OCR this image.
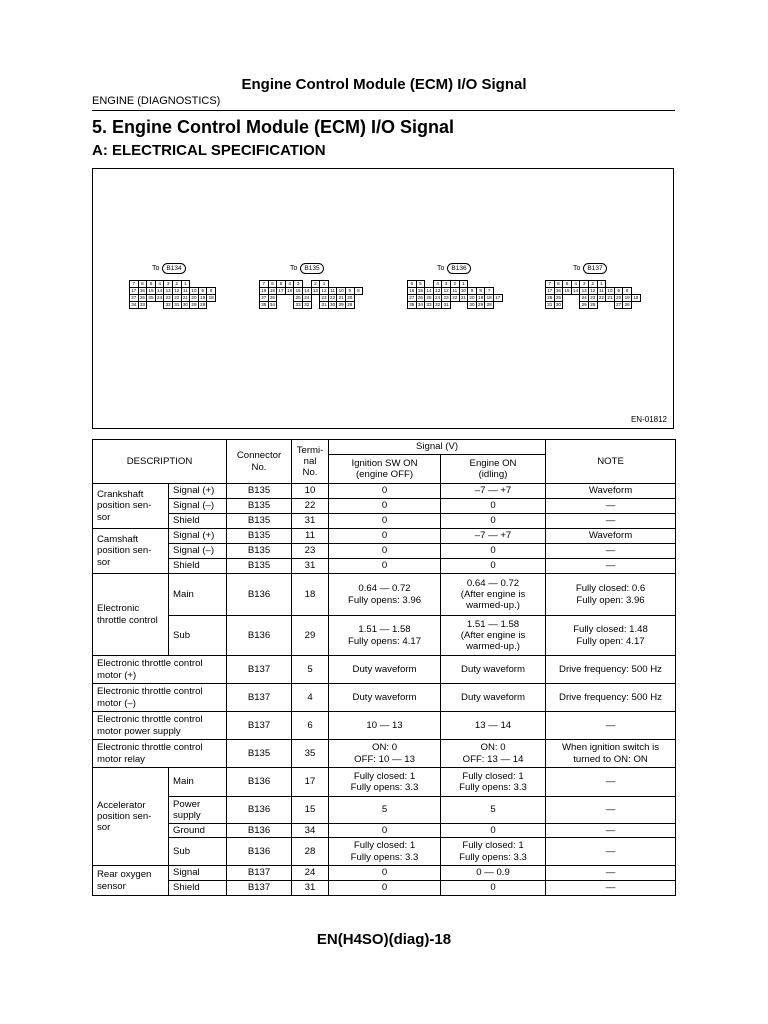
Engine Control Module (ECM) I/O Signal
ENGINE (DIAGNOSTICS)
5. Engine Control Module (ECM) I/O Signal
A: ELECTRICAL SPECIFICATION
To	B134
7	6	5	4	3	2	1
17 16 15 14 13 12 11 10	9	8
27 26 25 24 23 22 21 20 19 18
34 33	32 31 30 29 28
To	B135
7	6	5	4	3	2	1
19 18 17 16 15 14 13 12 11 10	9	8
27 26	25 24	23 22 21 20
35 34	33 32	31 30 29 28
To	B136
6	5	4	3	2	1
16 15 14 13 12 11 10	9	8	7
27 26 25 24 23 22 21 20 19 18 17
35 34 33 32 31	30 29 28
To	B137
7	6	5	4	3	2	1
17 16 15 14 13 12 11 10	9	8
26 25	24 23 22 21 20 19 18
31 30	29 28	27 26
EN-01812
DESCRIPTION		Connector
No.	Termi-
nal
No.	Signal (V)		NOTE
				Ignition SW ON
(engine OFF)	Engine ON
(idling)	
Crankshaft
position sen-
sor	Signal (+)	B135	10	0	–7 — +7	Waveform
	Signal (–)	B135	22	0	0	—
	Shield	B135	31	0	0	—
Camshaft
position sen-
sor	Signal (+)	B135	11	0	–7 — +7	Waveform
	Signal (–)	B135	23	0	0	—
	Shield	B135	31	0	0	—
Electronic
throttle control	Main	B136	18	0.64 — 0.72
Fully opens: 3.96	0.64 — 0.72
(After engine is
warmed-up.)	Fully closed: 0.6
Fully open: 3.96
	Sub	B136	29	1.51 — 1.58
Fully opens: 4.17	1.51 — 1.58
(After engine is
warmed-up.)	Fully closed: 1.48
Fully open: 4.17
Electronic throttle control
motor (+)		B137	5	Duty waveform	Duty waveform	Drive frequency: 500 Hz
Electronic throttle control
motor (–)		B137	4	Duty waveform	Duty waveform	Drive frequency: 500 Hz
Electronic throttle control
motor power supply		B137	6	10 — 13	13 — 14	—
Electronic throttle control
motor relay		B135	35	ON: 0
OFF: 10 — 13	ON: 0
OFF: 13 — 14	When ignition switch is
turned to ON: ON
Accelerator
position sen-
sor	Main	B136	17	Fully closed: 1
Fully opens: 3.3	Fully closed: 1
Fully opens: 3.3	—
	Power
supply	B136	15	5	5	—
	Ground	B136	34	0	0	—
	Sub	B136	28	Fully closed: 1
Fully opens: 3.3	Fully closed: 1
Fully opens: 3.3	—
Rear oxygen
sensor	Signal	B137	24	0	0 — 0.9	—
	Shield	B137	31	0	0	—
EN(H4SO)(diag)-18
